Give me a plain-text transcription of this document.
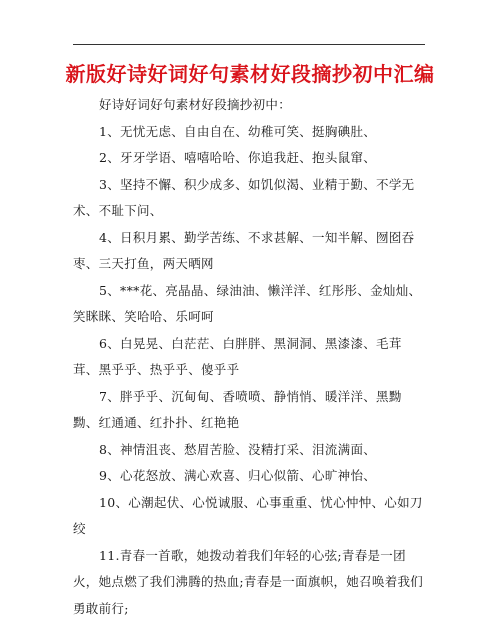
新版好诗好词好句素材好段摘抄初中汇编

好诗好词好句素材好段摘抄初中：

1、无忧无虑、自由自在、幼稚可笑、挺胸碘肚、

2、牙牙学语、嘻嘻哈哈、你追我赶、抱头鼠窜、

3、坚持不懈、积少成多、如饥似渴、业精于勤、不学无术、不耻下问、

4、日积月累、勤学苦练、不求甚解、一知半解、囫囵吞枣、三天打鱼，两天晒网

5、***花、亮晶晶、绿油油、懒洋洋、红彤彤、金灿灿、笑眯眯、笑哈哈、乐呵呵

6、白晃晃、白茫茫、白胖胖、黑洞洞、黑漆漆、毛茸茸、黑乎乎、热乎乎、傻乎乎

7、胖乎乎、沉甸甸、香喷喷、静悄悄、暖洋洋、黑黝黝、红通通、红扑扑、红艳艳

8、神情沮丧、愁眉苦脸、没精打采、泪流满面、

9、心花怒放、满心欢喜、归心似箭、心旷神怡、

10、心潮起伏、心悦诚服、心事重重、忧心忡忡、心如刀绞

11.青春一首歌，她拨动着我们年轻的心弦;青春是一团火，她点燃了我们沸腾的热血;青春是一面旗帜，她召唤着我们勇敢前行;
